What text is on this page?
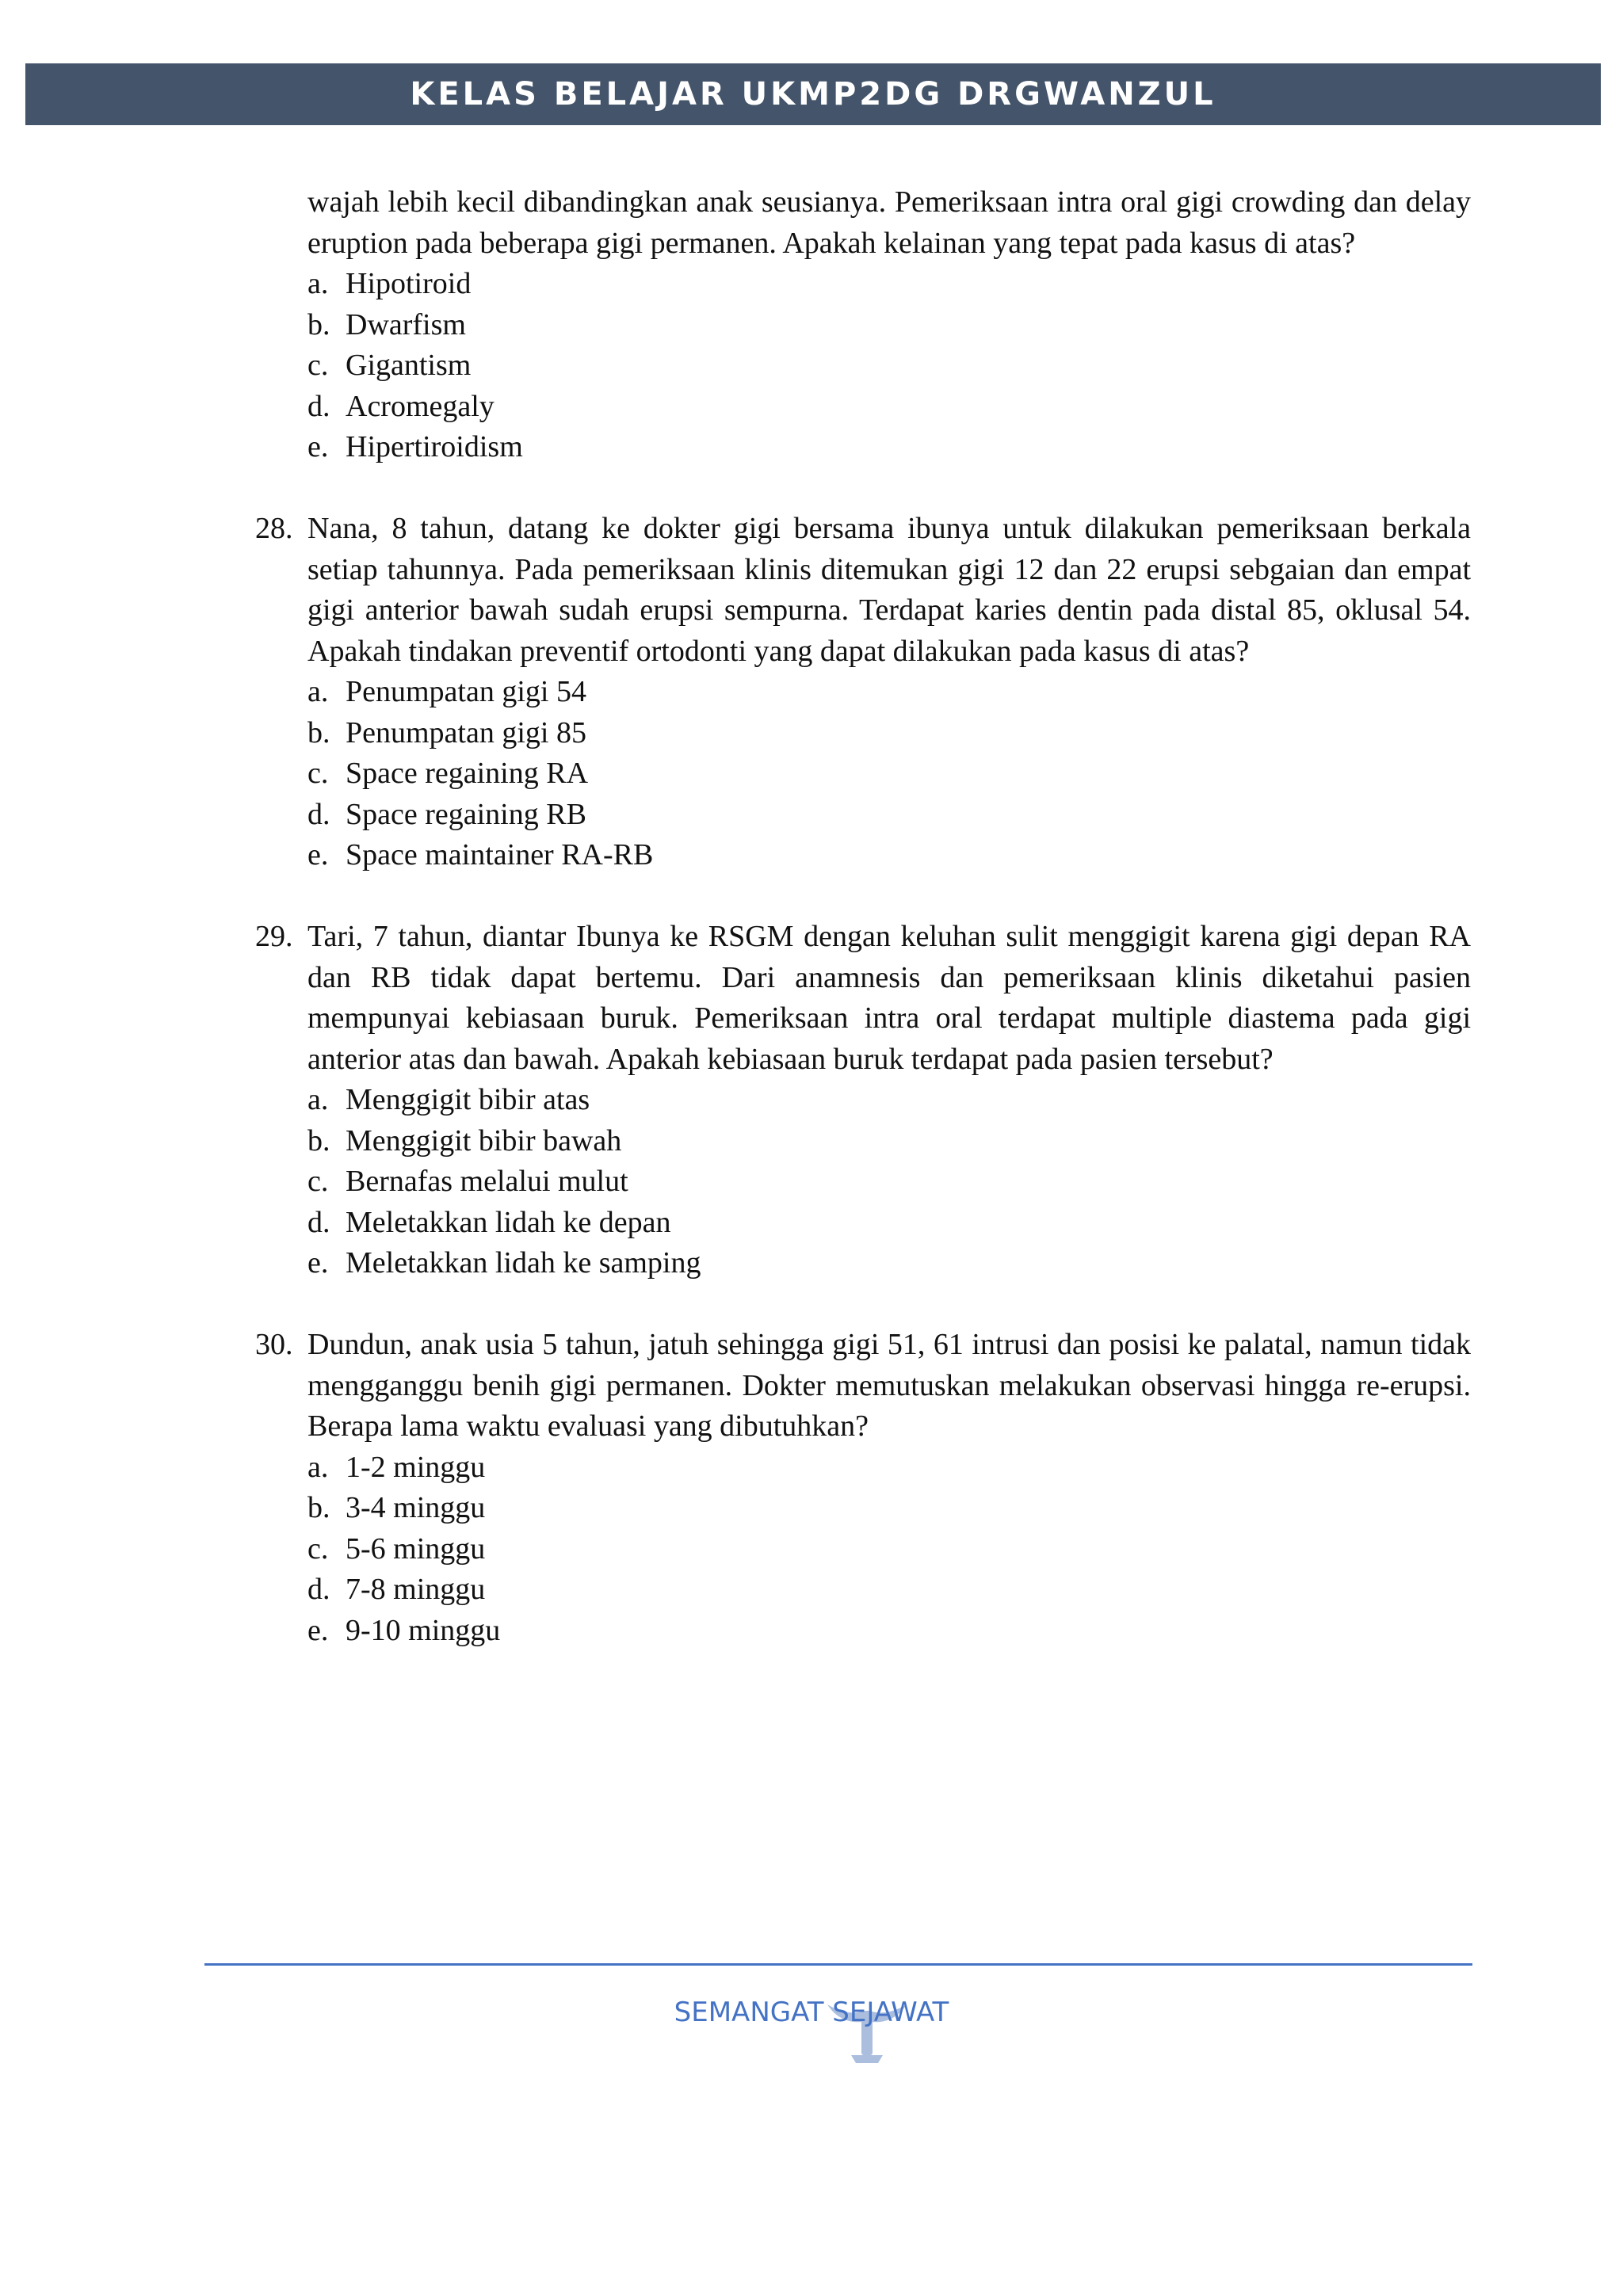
KELAS BELAJAR UKMP2DG DRGWANZUL
wajah lebih kecil dibandingkan anak seusianya. Pemeriksaan intra oral gigi crowding dan delay eruption pada beberapa gigi permanen. Apakah kelainan yang tepat pada kasus di atas?
a. Hipotiroid
b. Dwarfism
c. Gigantism
d. Acromegaly
e. Hipertiroidism
28. Nana, 8 tahun, datang ke dokter gigi bersama ibunya untuk dilakukan pemeriksaan berkala setiap tahunnya. Pada pemeriksaan klinis ditemukan gigi 12 dan 22 erupsi sebgaian dan empat gigi anterior bawah sudah erupsi sempurna. Terdapat karies dentin pada distal 85, oklusal 54. Apakah tindakan preventif ortodonti yang dapat dilakukan pada kasus di atas?
a. Penumpatan gigi 54
b. Penumpatan gigi 85
c. Space regaining RA
d. Space regaining RB
e. Space maintainer RA-RB
29. Tari, 7 tahun, diantar Ibunya ke RSGM dengan keluhan sulit menggigit karena gigi depan RA dan RB tidak dapat bertemu. Dari anamnesis dan pemeriksaan klinis diketahui pasien mempunyai kebiasaan buruk. Pemeriksaan intra oral terdapat multiple diastema pada gigi anterior atas dan bawah. Apakah kebiasaan buruk terdapat pada pasien tersebut?
a. Menggigit bibir atas
b. Menggigit bibir bawah
c. Bernafas melalui mulut
d. Meletakkan lidah ke depan
e. Meletakkan lidah ke samping
30. Dundun, anak usia 5 tahun, jatuh sehingga gigi 51, 61 intrusi dan posisi ke palatal, namun tidak mengganggu benih gigi permanen. Dokter memutuskan melakukan observasi hingga re-erupsi. Berapa lama waktu evaluasi yang dibutuhkan?
a. 1-2 minggu
b. 3-4 minggu
c. 5-6 minggu
d. 7-8 minggu
e. 9-10 minggu
SEMANGAT SEJAWAT
